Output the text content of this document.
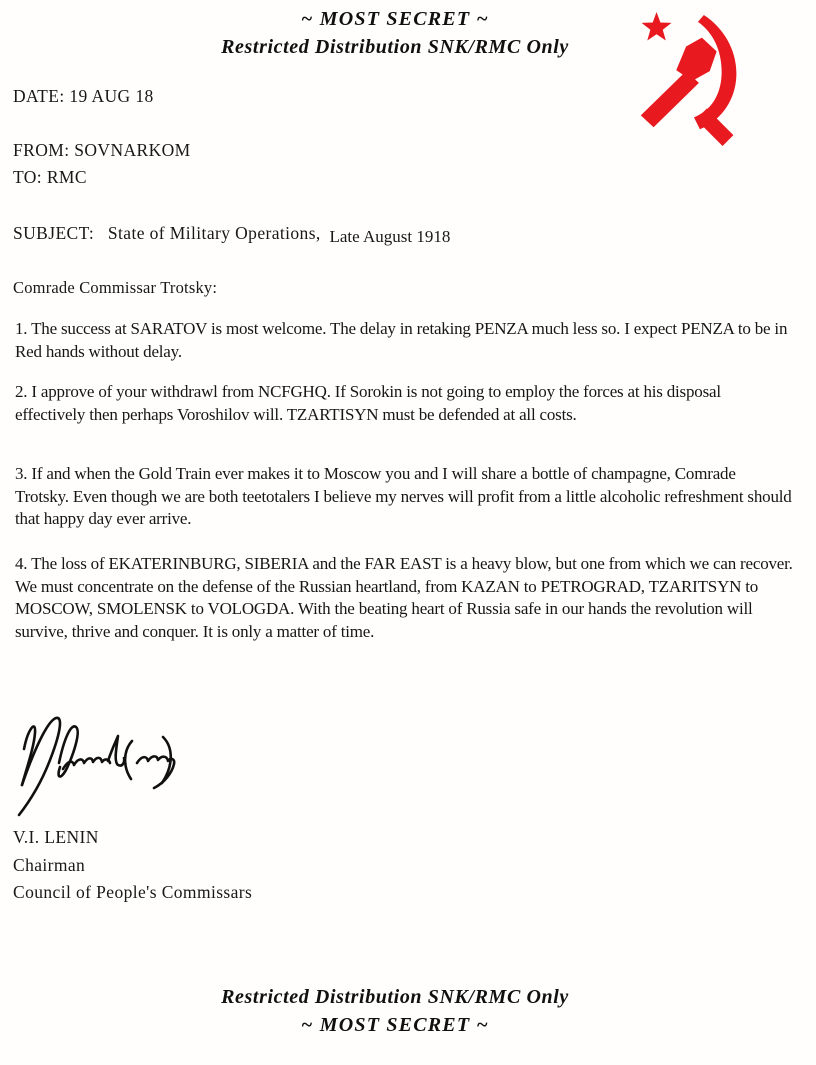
~ MOST SECRET ~
Restricted Distribution SNK/RMC Only
DATE: 19 AUG 18
FROM: SOVNARKOM
TO: RMC
SUBJECT: State of Military Operations, Late August 1918
Comrade Commissar Trotsky:
1. The success at SARATOV is most welcome. The delay in retaking PENZA much less so. I expect PENZA to be in Red hands without delay.
2. I approve of your withdrawl from NCFGHQ. If Sorokin is not going to employ the forces at his disposal effectively then perhaps Voroshilov will. TZARTISYN must be defended at all costs.
3. If and when the Gold Train ever makes it to Moscow you and I will share a bottle of champagne, Comrade Trotsky. Even though we are both teetotalers I believe my nerves will profit from a little alcoholic refreshment should that happy day ever arrive.
4. The loss of EKATERINBURG, SIBERIA and the FAR EAST is a heavy blow, but one from which we can recover. We must concentrate on the defense of the Russian heartland, from KAZAN to PETROGRAD, TZARITSYN to MOSCOW, SMOLENSK to VOLOGDA. With the beating heart of Russia safe in our hands the revolution will survive, thrive and conquer. It is only a matter of time.
V.I. LENIN
Chairman
Council of People's Commissars
Restricted Distribution SNK/RMC Only
~ MOST SECRET ~
